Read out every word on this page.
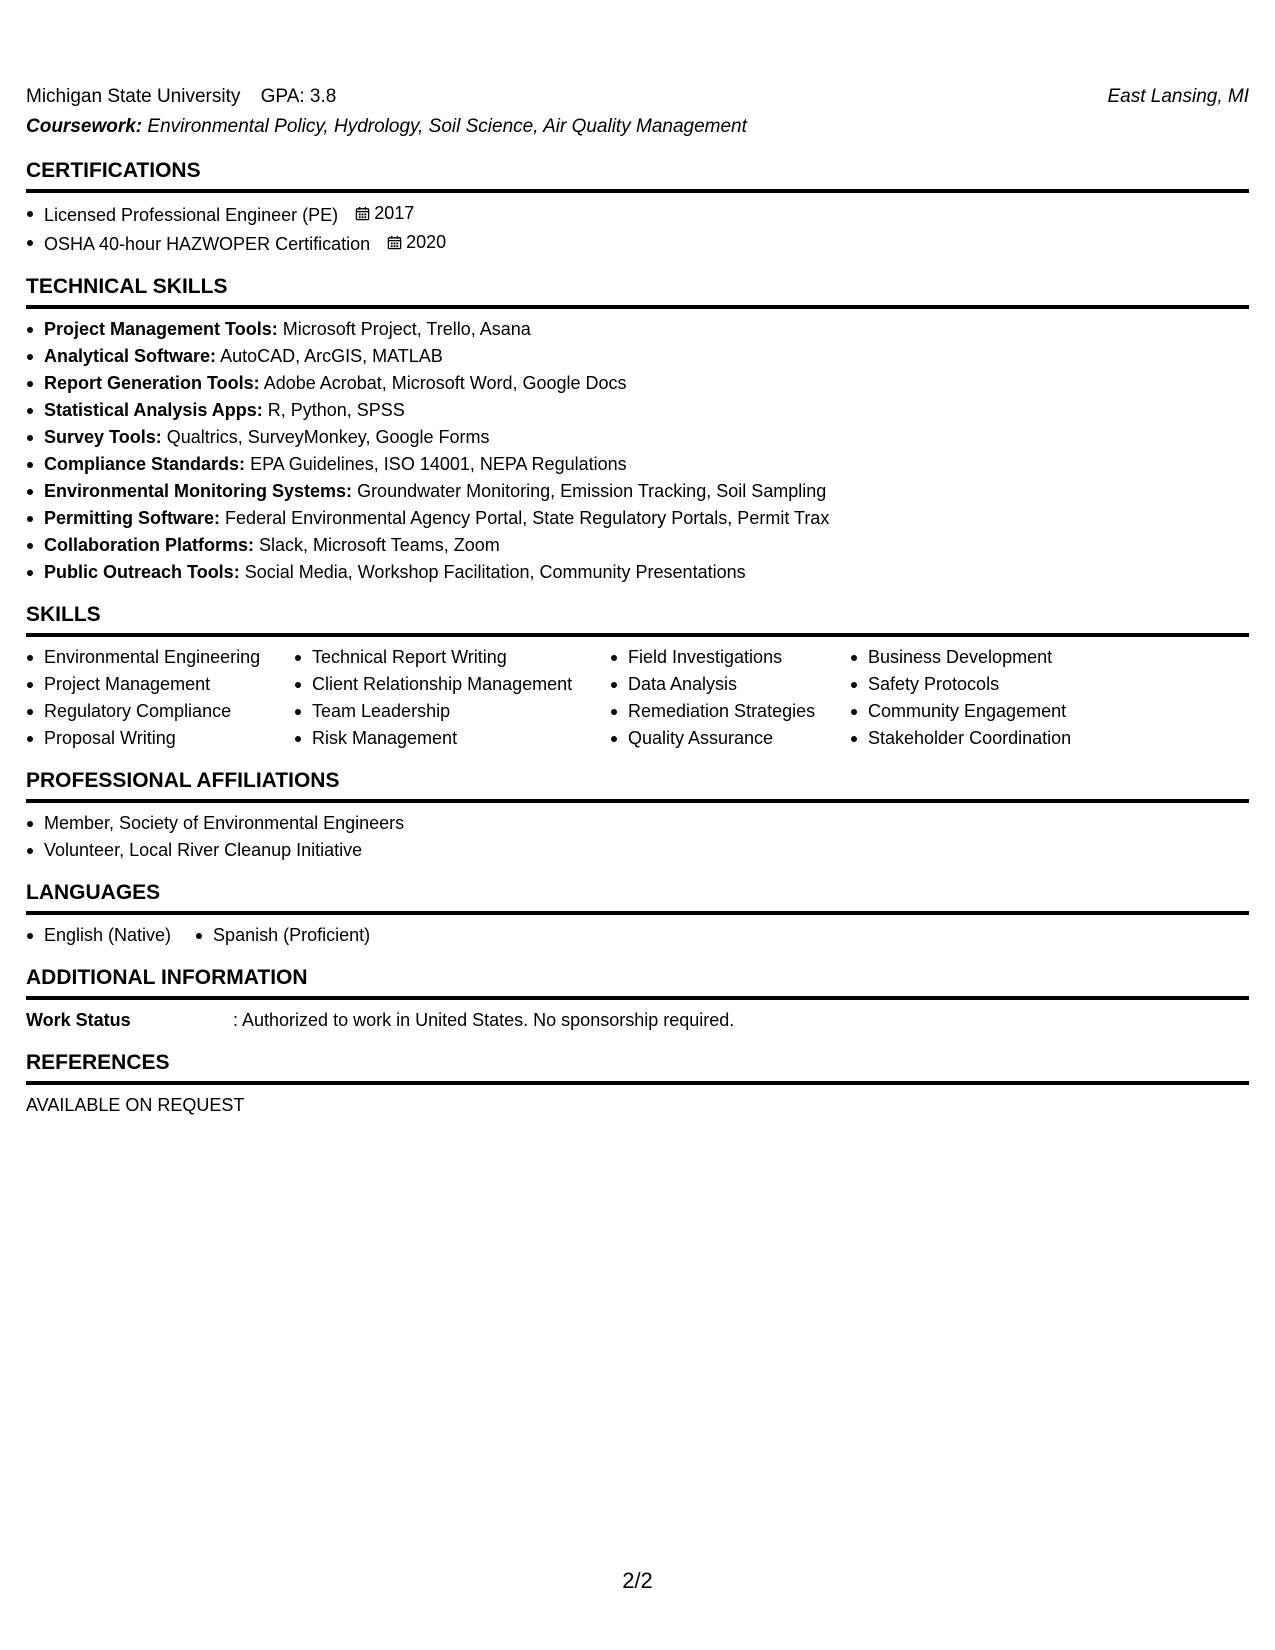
Michigan State University GPA: 3.8	East Lansing, MI
Coursework: Environmental Policy, Hydrology, Soil Science, Air Quality Management
CERTIFICATIONS
Licensed Professional Engineer (PE) 2017
OSHA 40-hour HAZWOPER Certification 2020
TECHNICAL SKILLS
Project Management Tools: Microsoft Project, Trello, Asana
Analytical Software: AutoCAD, ArcGIS, MATLAB
Report Generation Tools: Adobe Acrobat, Microsoft Word, Google Docs
Statistical Analysis Apps: R, Python, SPSS
Survey Tools: Qualtrics, SurveyMonkey, Google Forms
Compliance Standards: EPA Guidelines, ISO 14001, NEPA Regulations
Environmental Monitoring Systems: Groundwater Monitoring, Emission Tracking, Soil Sampling
Permitting Software: Federal Environmental Agency Portal, State Regulatory Portals, Permit Trax
Collaboration Platforms: Slack, Microsoft Teams, Zoom
Public Outreach Tools: Social Media, Workshop Facilitation, Community Presentations
SKILLS
Environmental Engineering
Project Management
Regulatory Compliance
Proposal Writing
Technical Report Writing
Client Relationship Management
Team Leadership
Risk Management
Field Investigations
Data Analysis
Remediation Strategies
Quality Assurance
Business Development
Safety Protocols
Community Engagement
Stakeholder Coordination
PROFESSIONAL AFFILIATIONS
Member, Society of Environmental Engineers
Volunteer, Local River Cleanup Initiative
LANGUAGES
English (Native)	Spanish (Proficient)
ADDITIONAL INFORMATION
Work Status	: Authorized to work in United States. No sponsorship required.
REFERENCES
AVAILABLE ON REQUEST
2/2
